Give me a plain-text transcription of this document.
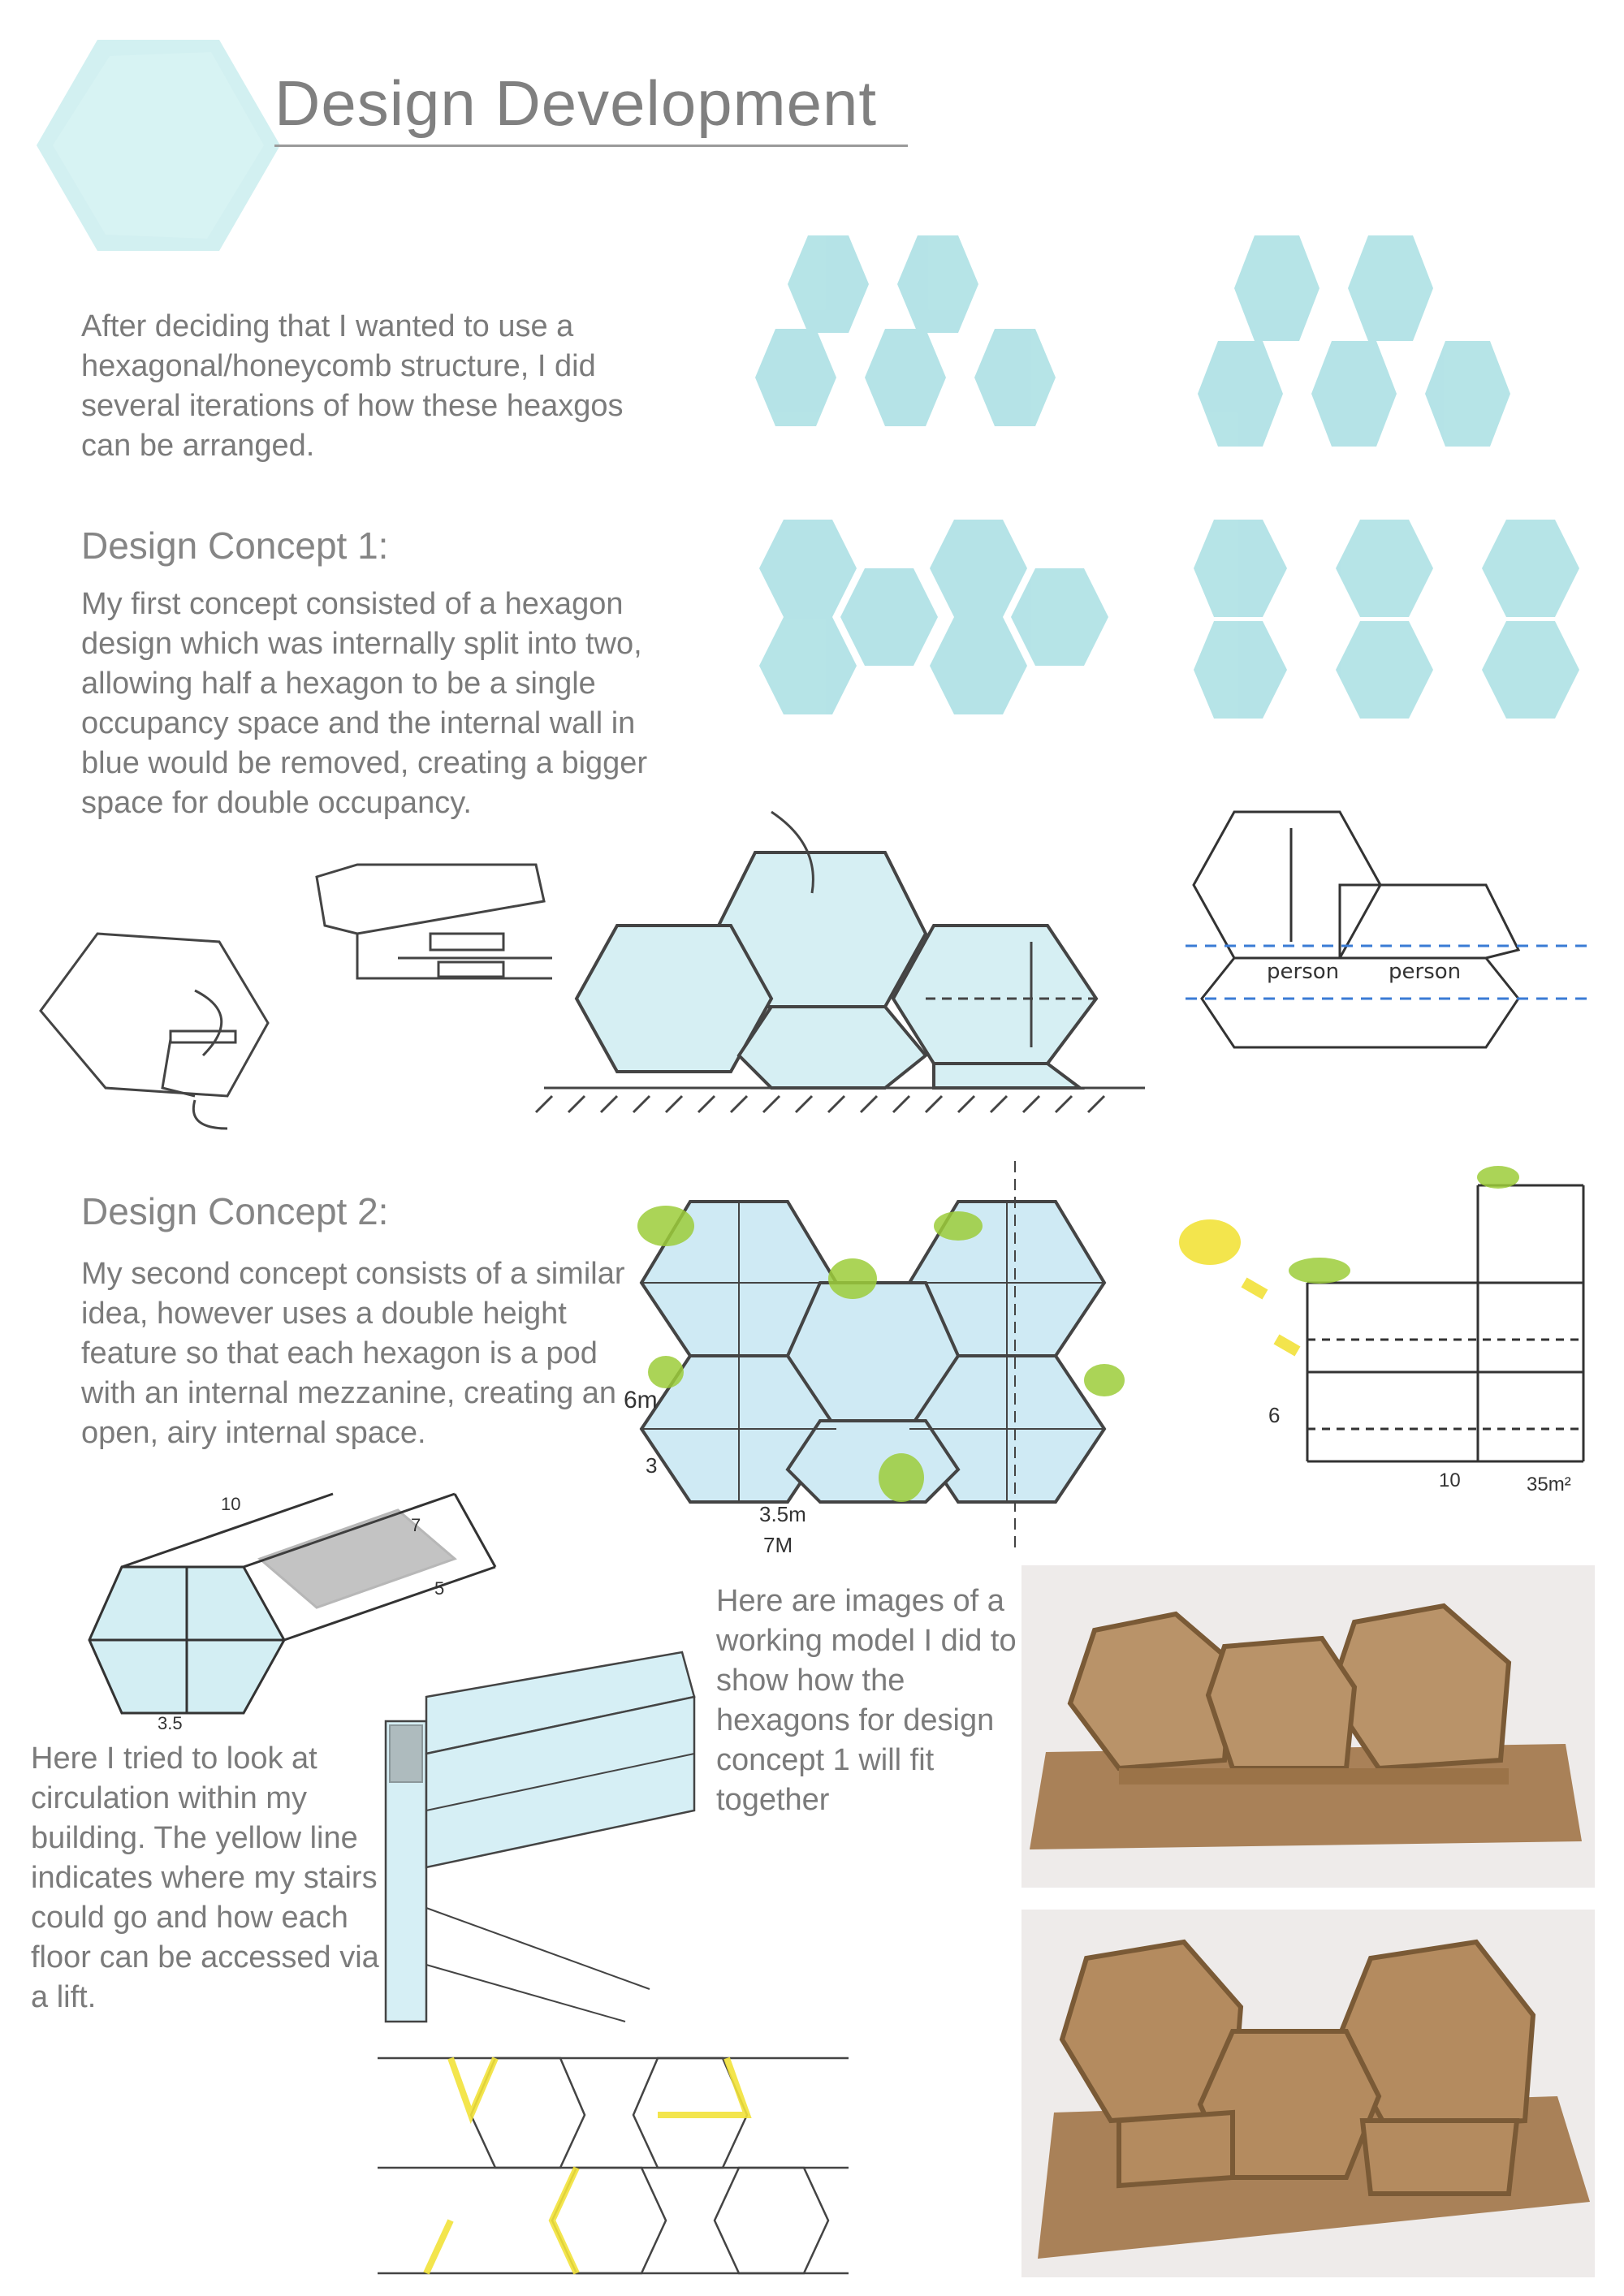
Design Development
After deciding that I wanted to use a hexagonal/honeycomb structure, I did several iterations of how these heaxgos can be arranged.
Design Concept 1:
My first concept consisted of a hexagon design which was internally split into two, allowing half a hexagon to be a single occupancy space and the internal wall in blue would be removed, creating a bigger space for double occupancy.
person person
Design Concept 2:
My second concept consists of a similar idea, however uses a double height feature so that each hexagon is a pod with an internal mezzanine, creating an open, airy internal space.
6m
3
3.5m
7M
6
10	35m²
10
7
5
3.5
Here I tried to look at circulation within my building. The yellow line indicates where my stairs could go and how each floor can be accessed via a lift.
Here are images of a working model I did to show how the hexagons for design concept 1 will fit together
